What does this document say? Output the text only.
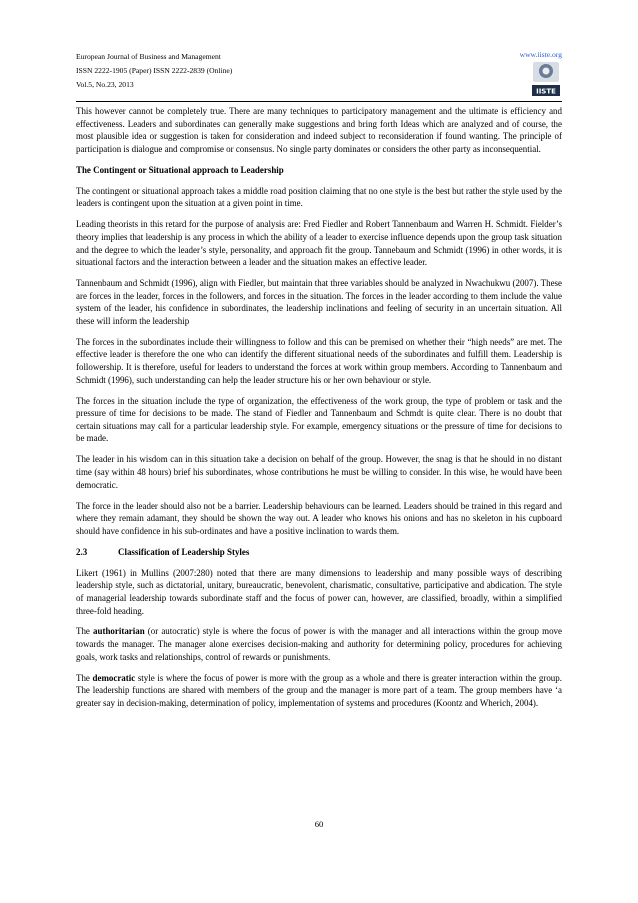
European Journal of Business and Management
ISSN 2222-1905 (Paper) ISSN 2222-2839 (Online)
Vol.5, No.23, 2013
www.iiste.org
IISTE

This however cannot be completely true. There are many techniques to participatory management and the ultimate is efficiency and effectiveness. Leaders and subordinates can generally make suggestions and bring forth Ideas which are analyzed and of course, the most plausible idea or suggestion is taken for consideration and indeed subject to reconsideration if found wanting. The principle of participation is dialogue and compromise or consensus. No single party dominates or considers the other party as inconsequential.

The Contingent or Situational approach to Leadership

The contingent or situational approach takes a middle road position claiming that no one style is the best but rather the style used by the leaders is contingent upon the situation at a given point in time.

Leading theorists in this retard for the purpose of analysis are: Fred Fiedler and Robert Tannenbaum and Warren H. Schmidt. Fielder’s theory implies that leadership is any process in which the ability of a leader to exercise influence depends upon the group task situation and the degree to which the leader’s style, personality, and approach fit the group. Tannebaum and Schmidt (1996) in other words, it is situational factors and the interaction between a leader and the situation makes an effective leader.

Tannenbaum and Schmidt (1996), align with Fiedler, but maintain that three variables should be analyzed in Nwachukwu (2007). These are forces in the leader, forces in the followers, and forces in the situation. The forces in the leader according to them include the value system of the leader, his confidence in subordinates, the leadership inclinations and feeling of security in an uncertain situation. All these will inform the leadership

The forces in the subordinates include their willingness to follow and this can be premised on whether their “high needs” are met. The effective leader is therefore the one who can identify the different situational needs of the subordinates and fulfill them. Leadership is followership. It is therefore, useful for leaders to understand the forces at work within group members. According to Tannenbaum and Schmidt (1996), such understanding can help the leader structure his or her own behaviour or style.

The forces in the situation include the type of organization, the effectiveness of the work group, the type of problem or task and the pressure of time for decisions to be made. The stand of Fiedler and Tannenbaum and Schmdt is quite clear. There is no doubt that certain situations may call for a particular leadership style. For example, emergency situations or the pressure of time for decisions to be made.

The leader in his wisdom can in this situation take a decision on behalf of the group. However, the snag is that he should in no distant time (say within 48 hours) brief his subordinates, whose contributions he must be willing to consider. In this wise, he would have been democratic.

The force in the leader should also not be a barrier. Leadership behaviours can be learned. Leaders should be trained in this regard and where they remain adamant, they should be shown the way out. A leader who knows his onions and has no skeleton in his cupboard should have confidence in his sub-ordinates and have a positive inclination to wards them.

2.3	Classification of Leadership Styles

Likert (1961) in Mullins (2007:280) noted that there are many dimensions to leadership and many possible ways of describing leadership style, such as dictatorial, unitary, bureaucratic, benevolent, charismatic, consultative, participative and abdication. The style of managerial leadership towards subordinate staff and the focus of power can, however, are classified, broadly, within a simplified three-fold heading.

The authoritarian (or autocratic) style is where the focus of power is with the manager and all interactions within the group move towards the manager. The manager alone exercises decision-making and authority for determining policy, procedures for achieving goals, work tasks and relationships, control of rewards or punishments.

The democratic style is where the focus of power is more with the group as a whole and there is greater interaction within the group. The leadership functions are shared with members of the group and the manager is more part of a team. The group members have ‘a greater say in decision-making, determination of policy, implementation of systems and procedures (Koontz and Wherich, 2004).

60
